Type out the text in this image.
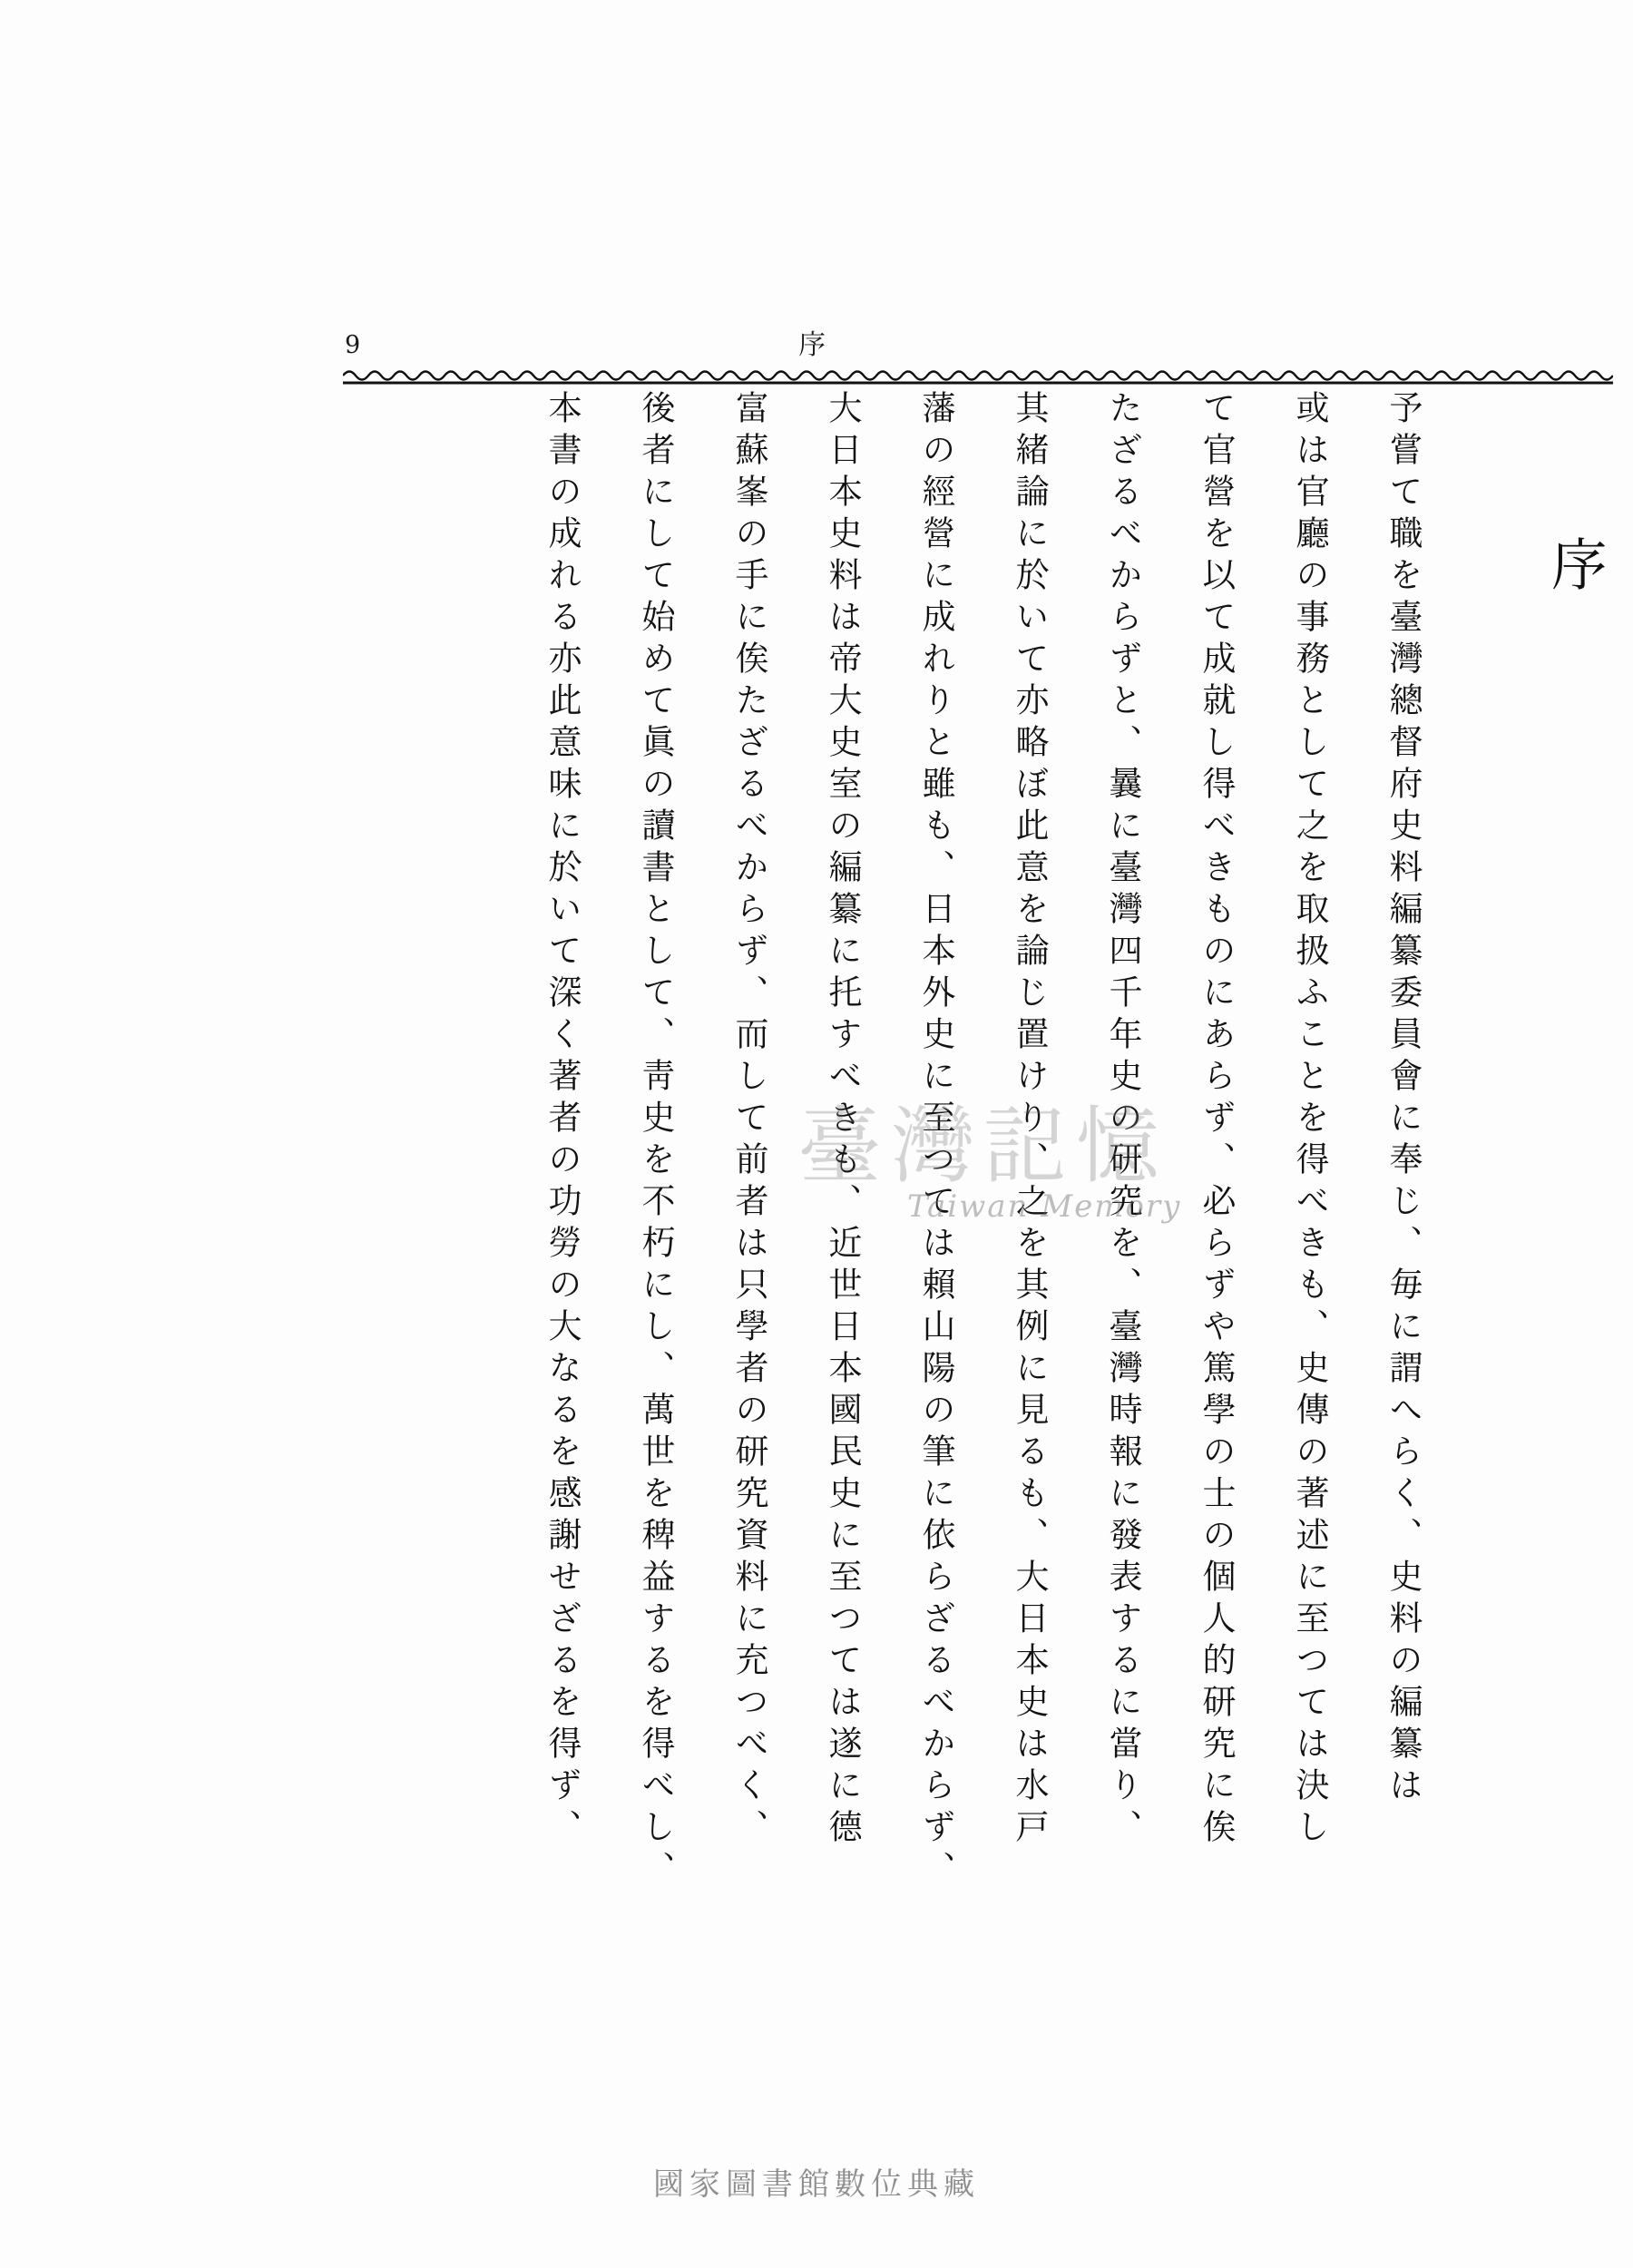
9	序
序
予嘗て職を臺灣總督府史料編纂委員會に奉じ、毎に謂へらく、史料の編纂は
或は官廳の事務として之を取扱ふことを得べきも、史傳の著述に至つては決し
て官營を以て成就し得べきものにあらず、必らずや篤學の士の個人的研究に俟
たざるべからずと、曩に臺灣四千年史の研究を、臺灣時報に發表するに當り、
其緒論に於いて亦略ぼ此意を論じ置けり、之を其例に見るも、大日本史は水戸
藩の經營に成れりと雖も、日本外史に至つては賴山陽の筆に依らざるべからず、
大日本史料は帝大史室の編纂に托すべきも、近世日本國民史に至つては遂に德
富蘇峯の手に俟たざるべからず、而して前者は只學者の研究資料に充つべく、
後者にして始めて眞の讀書として、靑史を不朽にし、萬世を稗益するを得べし、
本書の成れる亦此意味に於いて深く著者の功勞の大なるを感謝せざるを得ず、	臺灣記憶
Taiwan Memory
國家圖書館數位典藏
